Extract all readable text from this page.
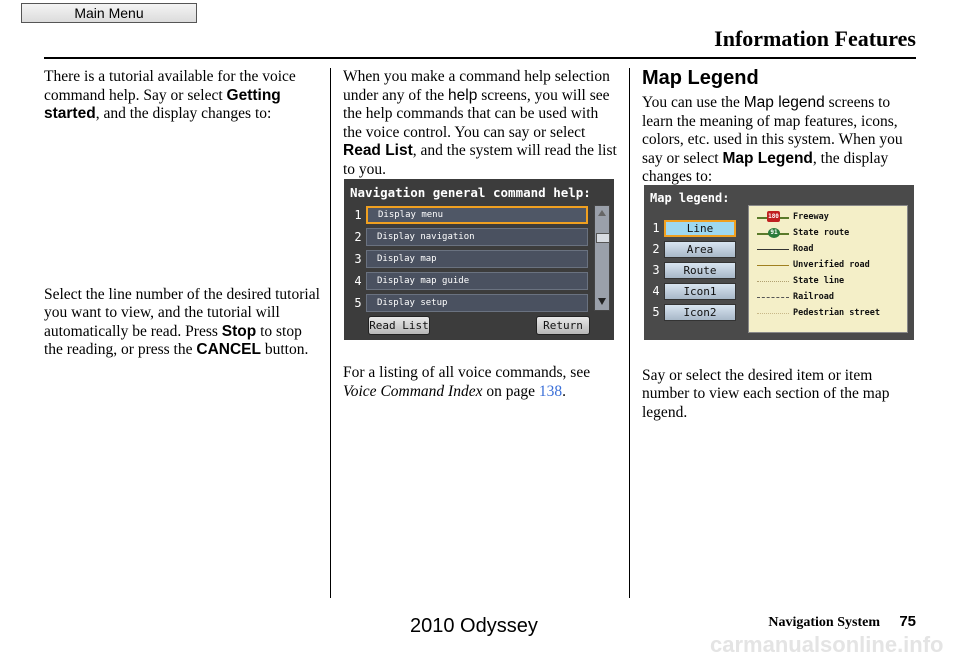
Main Menu
Information Features

There is a tutorial available for the voice command help. Say or select Getting started, and the display changes to:

Select the line number of the desired tutorial you want to view, and the tutorial will automatically be read. Press Stop to stop the reading, or press the CANCEL button.

When you make a command help selection under any of the help screens, you will see the help commands that can be used with the voice control. You can say or select Read List, and the system will read the list to you.

For a listing of all voice commands, see Voice Command Index on page 138.

Navigation general command help:
1
2
3
4
5
Display menu
Display navigation
Display map
Display map guide
Display setup
Read List	Return
Map Legend

You can use the Map legend screens to learn the meaning of map features, icons, colors, etc. used in this system. When you say or select Map Legend, the display changes to:

Say or select the desired item or item number to view each section of the map legend.

Map legend:
1
2
3
4
5
Line
Area
Route
Icon1
Icon2
180 Freeway
91 State route
Road
Unverified road
State line
Railroad
Pedestrian street
2010 Odyssey
carmanualsonline.info
Navigation System 75
